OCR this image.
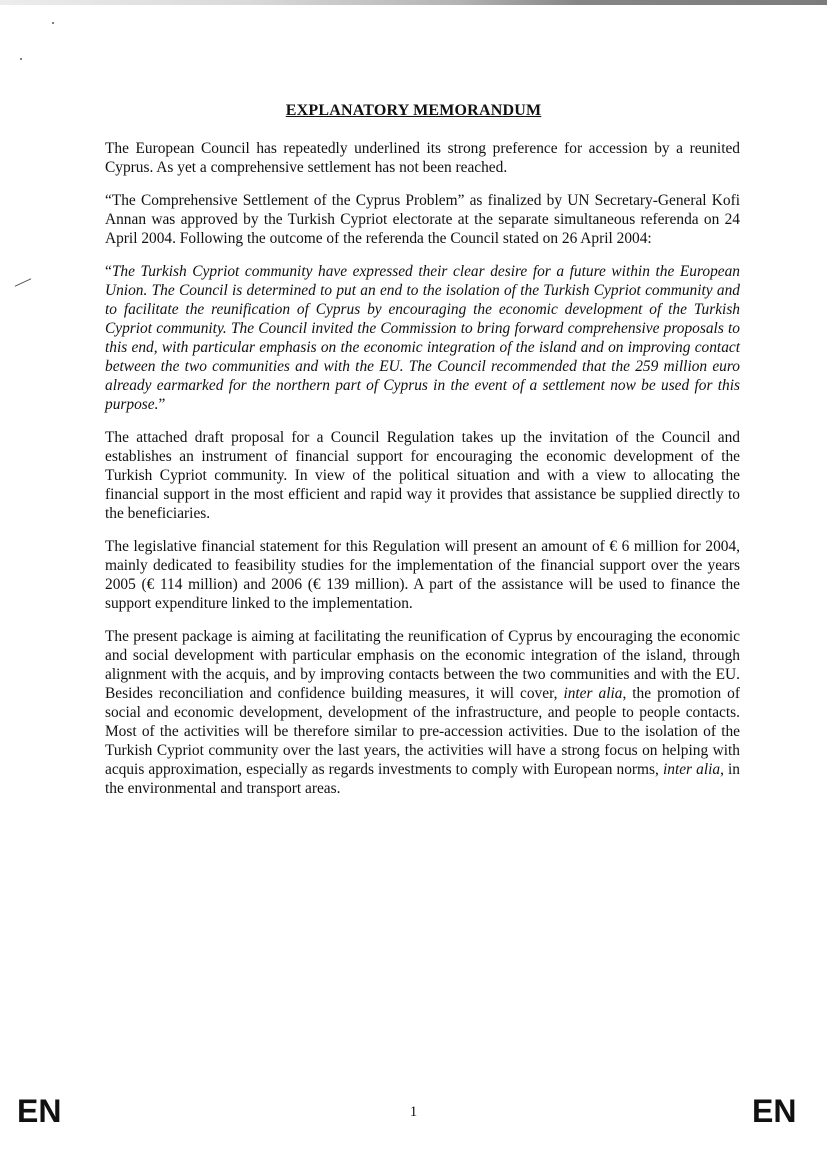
EXPLANATORY MEMORANDUM

The European Council has repeatedly underlined its strong preference for accession by a reunited Cyprus. As yet a comprehensive settlement has not been reached.

“The Comprehensive Settlement of the Cyprus Problem” as finalized by UN Secretary-General Kofi Annan was approved by the Turkish Cypriot electorate at the separate simultaneous referenda on 24 April 2004. Following the outcome of the referenda the Council stated on 26 April 2004:

“The Turkish Cypriot community have expressed their clear desire for a future within the European Union. The Council is determined to put an end to the isolation of the Turkish Cypriot community and to facilitate the reunification of Cyprus by encouraging the economic development of the Turkish Cypriot community. The Council invited the Commission to bring forward comprehensive proposals to this end, with particular emphasis on the economic integration of the island and on improving contact between the two communities and with the EU. The Council recommended that the 259 million euro already earmarked for the northern part of Cyprus in the event of a settlement now be used for this purpose.”

The attached draft proposal for a Council Regulation takes up the invitation of the Council and establishes an instrument of financial support for encouraging the economic development of the Turkish Cypriot community. In view of the political situation and with a view to allocating the financial support in the most efficient and rapid way it provides that assistance be supplied directly to the beneficiaries.

The legislative financial statement for this Regulation will present an amount of € 6 million for 2004, mainly dedicated to feasibility studies for the implementation of the financial support over the years 2005 (€ 114 million) and 2006 (€ 139 million). A part of the assistance will be used to finance the support expenditure linked to the implementation.

The present package is aiming at facilitating the reunification of Cyprus by encouraging the economic and social development with particular emphasis on the economic integration of the island, through alignment with the acquis, and by improving contacts between the two communities and with the EU. Besides reconciliation and confidence building measures, it will cover, inter alia, the promotion of social and economic development, development of the infrastructure, and people to people contacts. Most of the activities will be therefore similar to pre-accession activities. Due to the isolation of the Turkish Cypriot community over the last years, the activities will have a strong focus on helping with acquis approximation, especially as regards investments to comply with European norms, inter alia, in the environmental and transport areas.

EN	1	EN
